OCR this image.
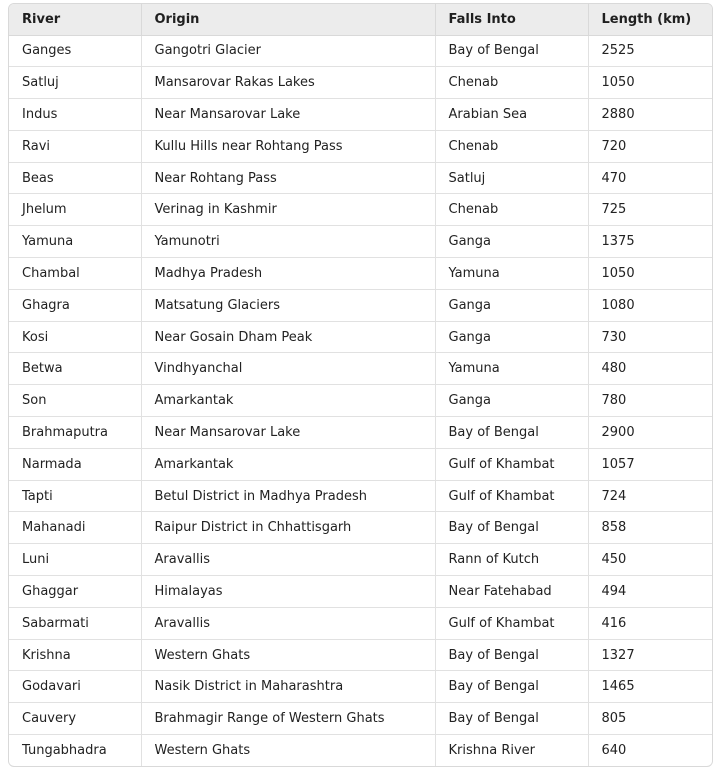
River	Origin	Falls Into	Length (km)
Ganges	Gangotri Glacier	Bay of Bengal	2525
Satluj	Mansarovar Rakas Lakes	Chenab	1050
Indus	Near Mansarovar Lake	Arabian Sea	2880
Ravi	Kullu Hills near Rohtang Pass	Chenab	720
Beas	Near Rohtang Pass	Satluj	470
Jhelum	Verinag in Kashmir	Chenab	725
Yamuna	Yamunotri	Ganga	1375
Chambal	Madhya Pradesh	Yamuna	1050
Ghagra	Matsatung Glaciers	Ganga	1080
Kosi	Near Gosain Dham Peak	Ganga	730
Betwa	Vindhyanchal	Yamuna	480
Son	Amarkantak	Ganga	780
Brahmaputra	Near Mansarovar Lake	Bay of Bengal	2900
Narmada	Amarkantak	Gulf of Khambat	1057
Tapti	Betul District in Madhya Pradesh	Gulf of Khambat	724
Mahanadi	Raipur District in Chhattisgarh	Bay of Bengal	858
Luni	Aravallis	Rann of Kutch	450
Ghaggar	Himalayas	Near Fatehabad	494
Sabarmati	Aravallis	Gulf of Khambat	416
Krishna	Western Ghats	Bay of Bengal	1327
Godavari	Nasik District in Maharashtra	Bay of Bengal	1465
Cauvery	Brahmagir Range of Western Ghats	Bay of Bengal	805
Tungabhadra	Western Ghats	Krishna River	640
